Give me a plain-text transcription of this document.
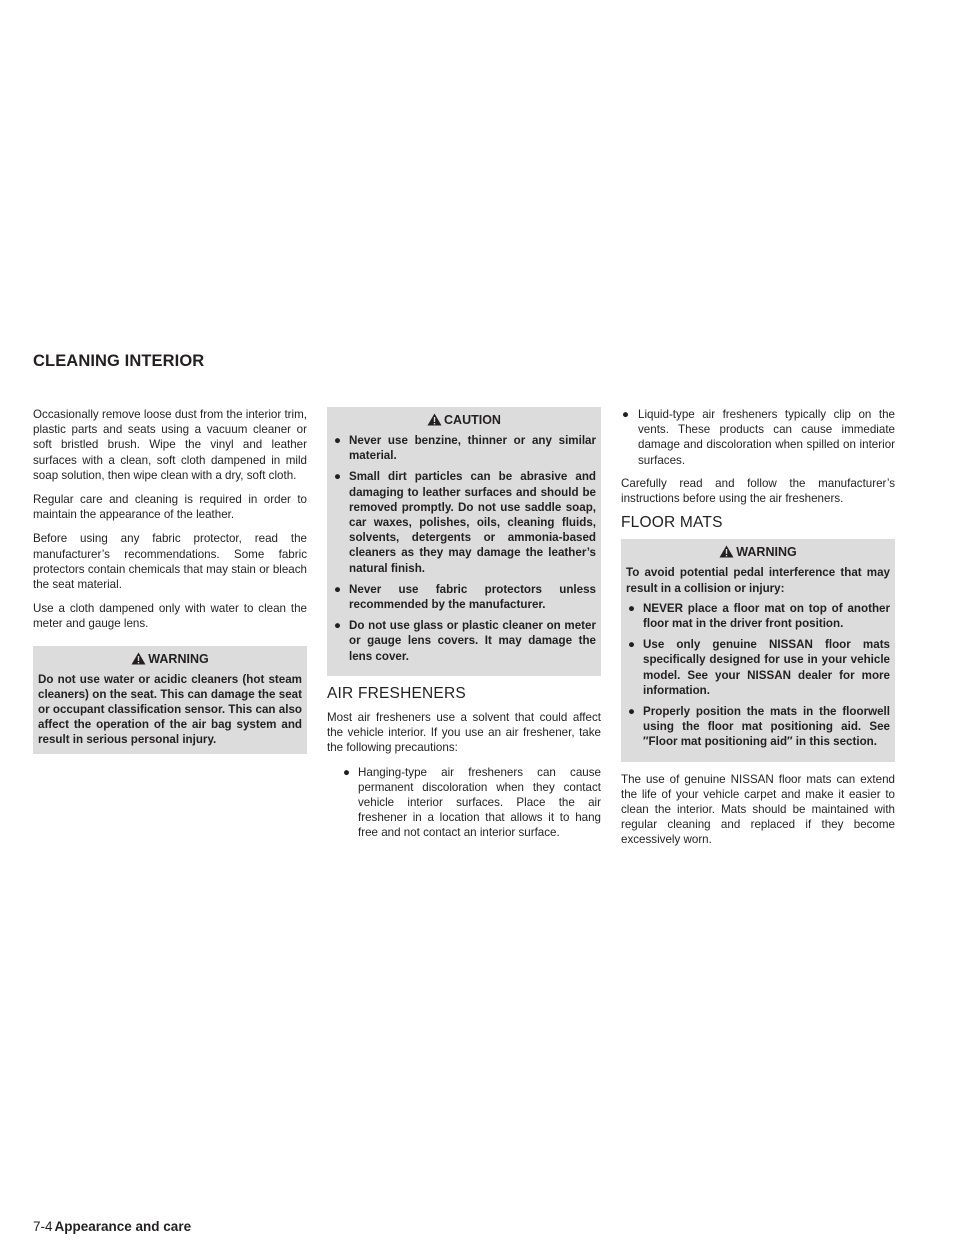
CLEANING INTERIOR

Occasionally remove loose dust from the interior trim, plastic parts and seats using a vacuum cleaner or soft bristled brush. Wipe the vinyl and leather surfaces with a clean, soft cloth dampened in mild soap solution, then wipe clean with a dry, soft cloth.

Regular care and cleaning is required in order to maintain the appearance of the leather.

Before using any fabric protector, read the manufacturer’s recommendations. Some fabric protectors contain chemicals that may stain or bleach the seat material.

Use a cloth dampened only with water to clean the meter and gauge lens.

WARNING
Do not use water or acidic cleaners (hot steam cleaners) on the seat. This can damage the seat or occupant classification sensor. This can also affect the operation of the air bag system and result in serious personal injury.
CAUTION
● Never use benzine, thinner or any similar material.
● Small dirt particles can be abrasive and damaging to leather surfaces and should be removed promptly. Do not use saddle soap, car waxes, polishes, oils, cleaning fluids, solvents, detergents or ammonia-based cleaners as they may damage the leather’s natural finish.
● Never use fabric protectors unless recommended by the manufacturer.
● Do not use glass or plastic cleaner on meter or gauge lens covers. It may damage the lens cover.
AIR FRESHENERS

Most air fresheners use a solvent that could affect the vehicle interior. If you use an air freshener, take the following precautions:

● Hanging-type air fresheners can cause permanent discoloration when they contact vehicle interior surfaces. Place the air freshener in a location that allows it to hang free and not contact an interior surface.
● Liquid-type air fresheners typically clip on the vents. These products can cause immediate damage and discoloration when spilled on interior surfaces.

Carefully read and follow the manufacturer’s instructions before using the air fresheners.

FLOOR MATS
WARNING

To avoid potential pedal interference that may result in a collision or injury:

● NEVER place a floor mat on top of another floor mat in the driver front position.
● Use only genuine NISSAN floor mats specifically designed for use in your vehicle model. See your NISSAN dealer for more information.
● Properly position the mats in the floorwell using the floor mat positioning aid. See ″Floor mat positioning aid″ in this section.

The use of genuine NISSAN floor mats can extend the life of your vehicle carpet and make it easier to clean the interior. Mats should be maintained with regular cleaning and replaced if they become excessively worn.

7-4 Appearance and care
